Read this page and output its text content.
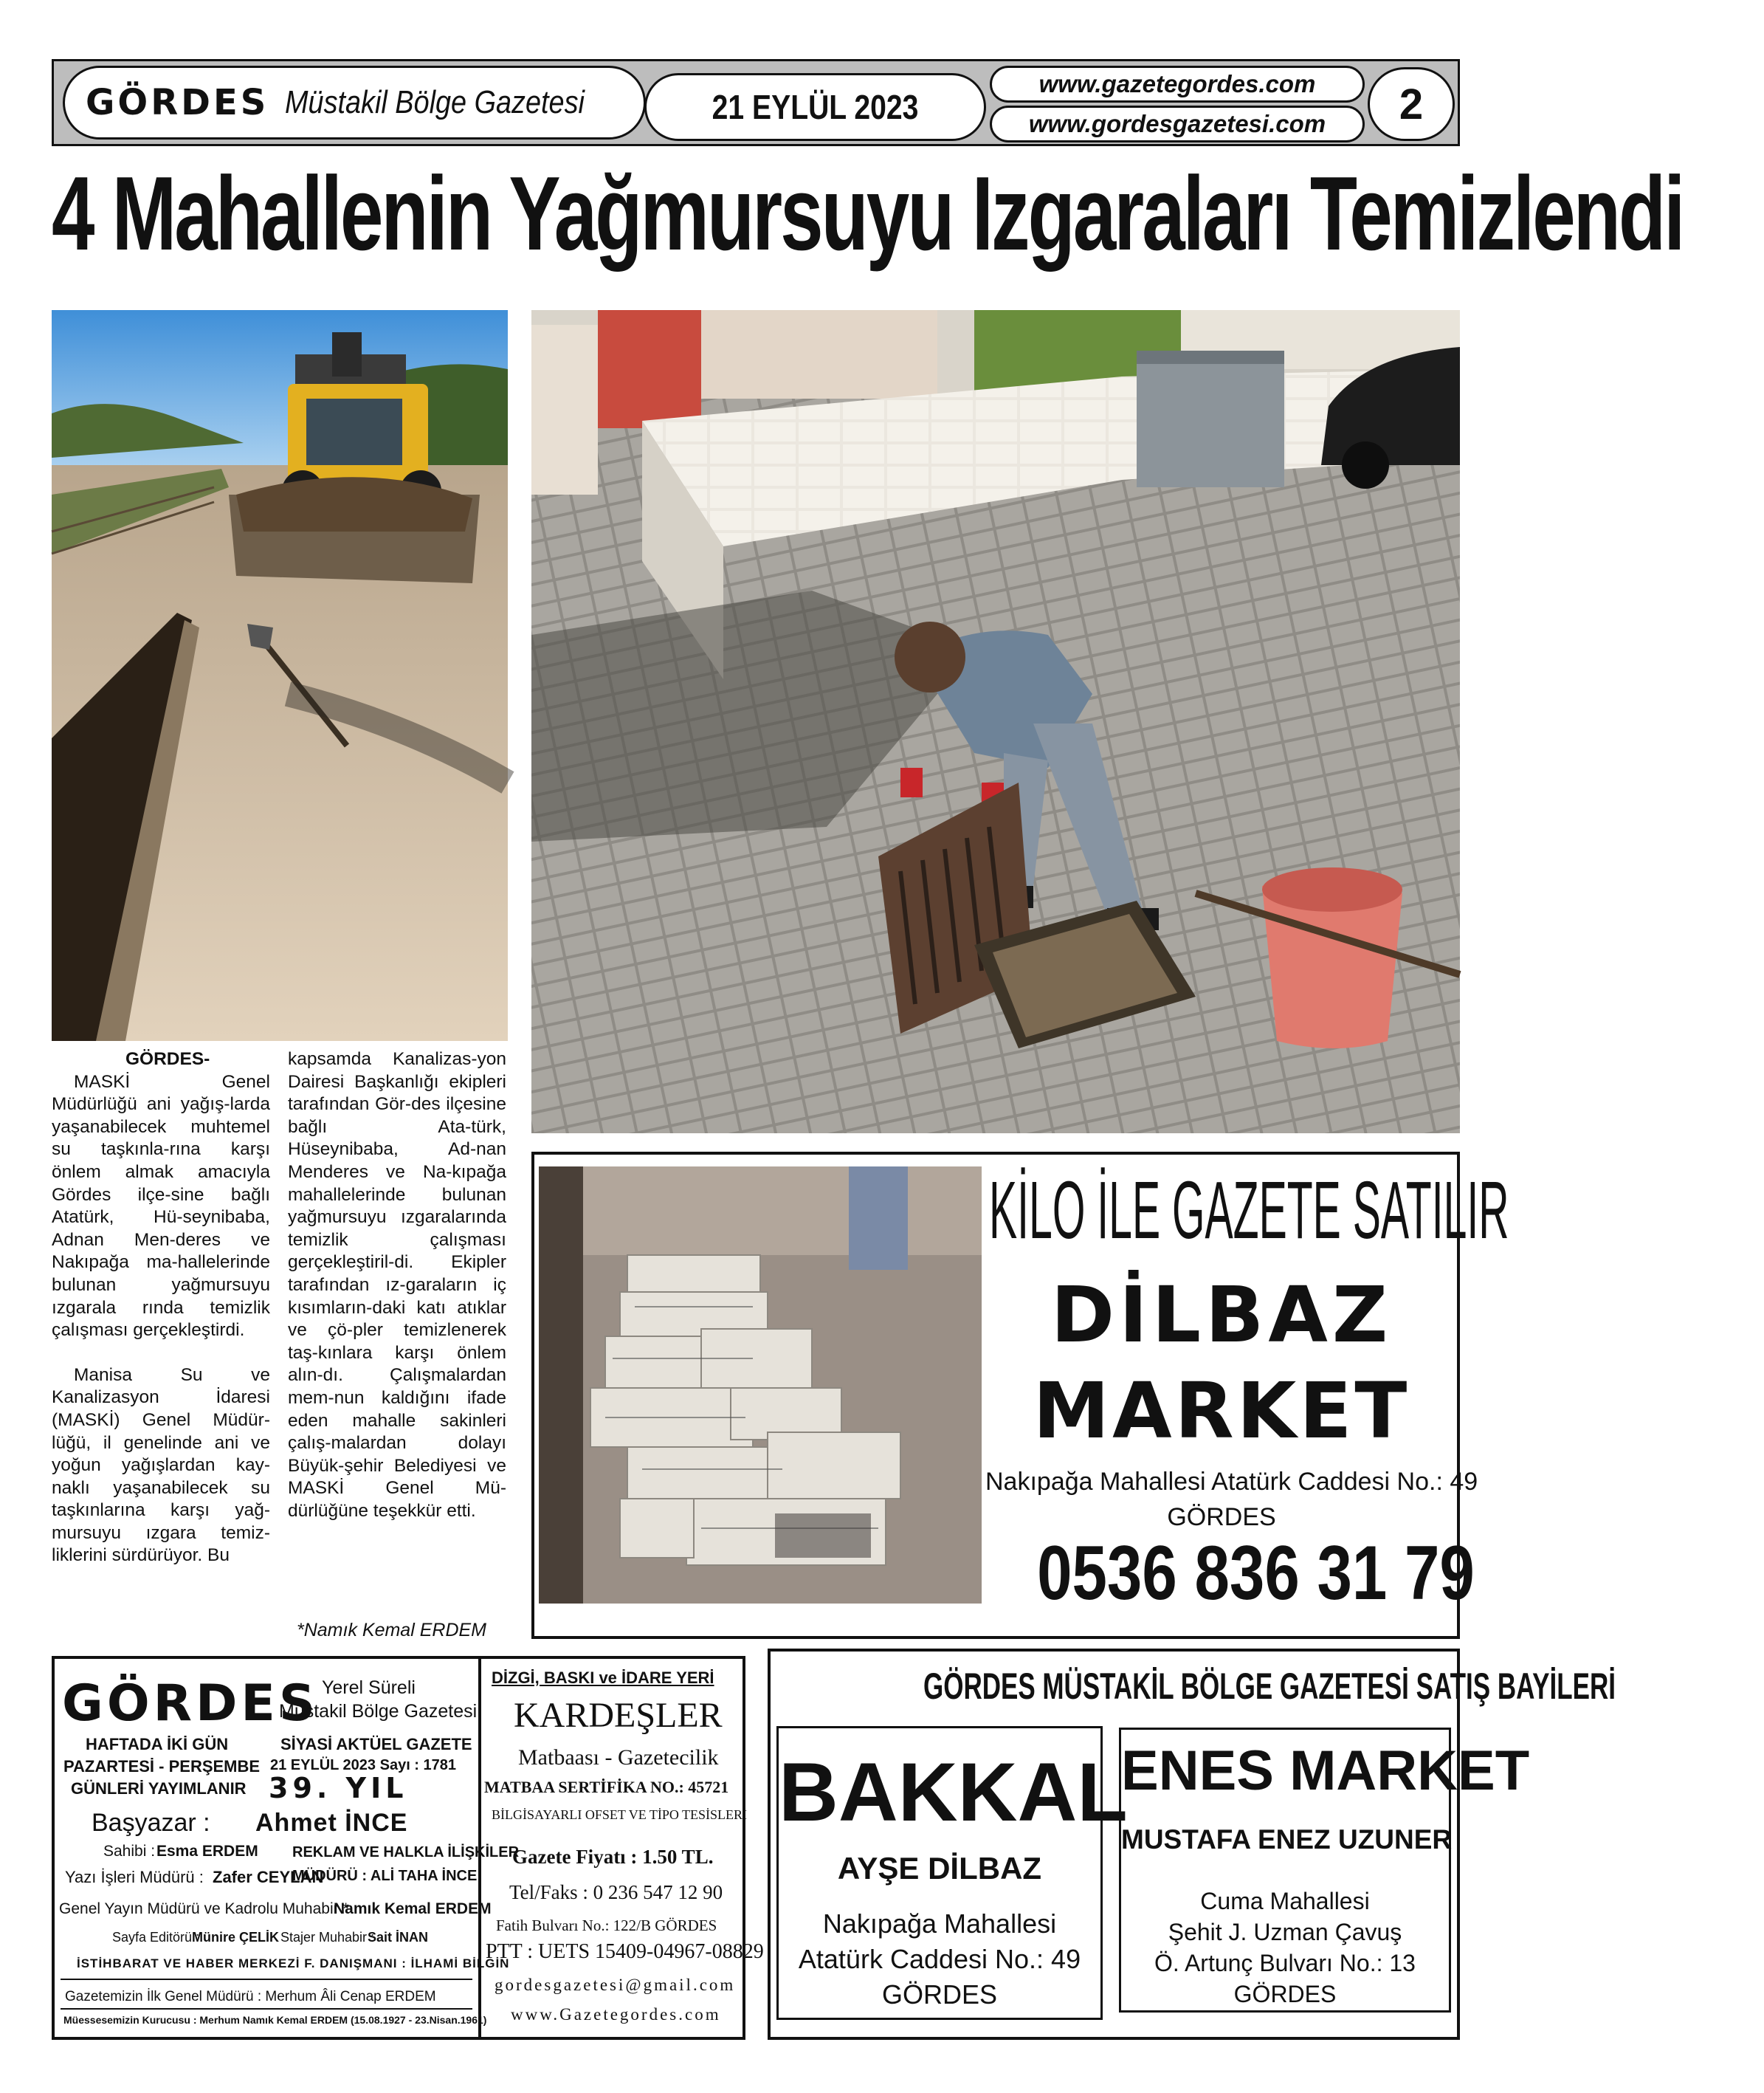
GÖRDES Müstakil Bölge Gazetesi	21 EYLÜL 2023
www.gazetegordes.com
www.gordesgazetesi.com	2
4 Mahallenin Yağmursuyu Izgaraları Temizlendi
GÖRDES-

MASKİ Genel Müdürlüğü ani yağış-larda yaşanabilecek muhtemel su taşkınla-rına karşı önlem almak amacıyla Gördes ilçe-sine bağlı Atatürk, Hü-seynibaba, Adnan Men-deres ve Nakıpağa ma-hallelerinde bulunan yağmursuyu ızgarala rında temizlik çalışması gerçekleştirdi.

Manisa Su ve Kanalizasyon İdaresi (MASKİ) Genel Müdür-lüğü, il genelinde ani ve yoğun yağışlardan kay-naklı yaşanabilecek su taşkınlarına karşı yağ-mursuyu ızgara temiz-liklerini sürdürüyor. Bu

kapsamda Kanalizas-yon Dairesi Başkanlığı ekipleri tarafından Gör-des ilçesine bağlı Ata-türk, Hüseynibaba, Ad-nan Menderes ve Na-kıpağa mahallelerinde bulunan yağmursuyu ızgaralarında temizlik çalışması gerçekleştiril-di. Ekipler tarafından ız-garaların iç kısımların-daki katı atıklar ve çö-pler temizlenerek taş-kınlara karşı önlem alın-dı. Çalışmalardan mem-nun kaldığını ifade eden mahalle sakinleri çalış-malardan dolayı Büyük-şehir Belediyesi ve MASKİ Genel Mü-dürlüğüne teşekkür etti.

*Namık Kemal ERDEM
KİLO İLE GAZETE SATILIR
DİLBAZ
MARKET
Nakıpağa Mahallesi Atatürk Caddesi No.: 49
GÖRDES
0536 836 31 79
GÖRDES Yerel Süreli
Müstakil Bölge Gazetesi
HAFTADA İKİ GÜN
PAZARTESİ - PERŞEMBE
GÜNLERİ YAYIMLANIR
SİYASİ AKTÜEL GAZETE
21 EYLÜL 2023 Sayı : 1781
39. YIL
Başyazar : Ahmet İNCE
Sahibi : Esma ERDEM REKLAM VE HALKLA İLİŞKİLER
Yazı İşleri Müdürü : Zafer CEYLAN
MÜDÜRÜ : ALİ TAHA İNCE
Genel Yayın Müdürü ve Kadrolu Muhabir * :
Namık Kemal ERDEM
Sayfa Editörü :
Münire ÇELİK Stajer Muhabir :
Sait İNAN
İSTİHBARAT VE HABER MERKEZİ F. DANIŞMANI : İLHAMİ BİLGİN
Gazetemizin İlk Genel Müdürü : Merhum Âli Cenap ERDEM
Müessesemizin Kurucusu : Merhum Namık Kemal ERDEM (15.08.1927 - 23.Nisan.1961)
DİZGİ, BASKI ve İDARE YERİ
KARDEŞLER
Matbaası - Gazetecilik
MATBAA SERTİFİKA NO.: 45721
BİLGİSAYARLI OFSET VE TİPO TESİSLERİ
Gazete Fiyatı : 1.50 TL.
Tel/Faks : 0 236 547 12 90
Fatih Bulvarı No.: 122/B GÖRDES
PTT : UETS 15409-04967-08829
gordesgazetesi@gmail.com
www.Gazetegordes.com
GÖRDES MÜSTAKİL BÖLGE GAZETESİ SATIŞ BAYİLERİ
BAKKAL
AYŞE DİLBAZ
Nakıpağa Mahallesi
Atatürk Caddesi No.: 49
GÖRDES
ENES MARKET
MUSTAFA ENEZ UZUNER
Cuma Mahallesi
Şehit J. Uzman Çavuş
Ö. Artunç Bulvarı No.: 13
GÖRDES
